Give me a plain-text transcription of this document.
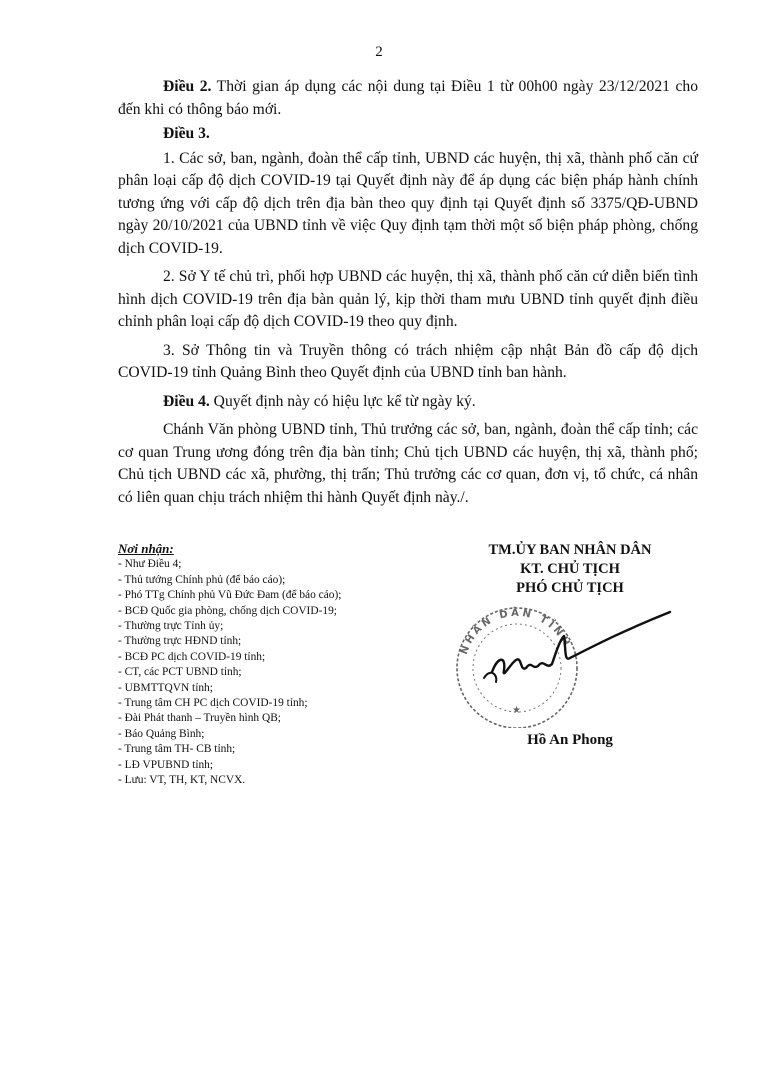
2

Điều 2. Thời gian áp dụng các nội dung tại Điều 1 từ 00h00 ngày 23/12/2021 cho đến khi có thông báo mới.

Điều 3.

1. Các sở, ban, ngành, đoàn thể cấp tỉnh, UBND các huyện, thị xã, thành phố căn cứ phân loại cấp độ dịch COVID-19 tại Quyết định này để áp dụng các biện pháp hành chính tương ứng với cấp độ dịch trên địa bàn theo quy định tại Quyết định số 3375/QĐ-UBND ngày 20/10/2021 của UBND tỉnh về việc Quy định tạm thời một số biện pháp phòng, chống dịch COVID-19.

2. Sở Y tế chủ trì, phối hợp UBND các huyện, thị xã, thành phố căn cứ diễn biến tình hình dịch COVID-19 trên địa bàn quản lý, kịp thời tham mưu UBND tỉnh quyết định điều chỉnh phân loại cấp độ dịch COVID-19 theo quy định.

3. Sở Thông tin và Truyền thông có trách nhiệm cập nhật Bản đồ cấp độ dịch COVID-19 tỉnh Quảng Bình theo Quyết định của UBND tỉnh ban hành.

Điều 4. Quyết định này có hiệu lực kể từ ngày ký.

Chánh Văn phòng UBND tỉnh, Thủ trưởng các sở, ban, ngành, đoàn thể cấp tỉnh; các cơ quan Trung ương đóng trên địa bàn tỉnh; Chủ tịch UBND các huyện, thị xã, thành phố; Chủ tịch UBND các xã, phường, thị trấn; Thủ trưởng các cơ quan, đơn vị, tổ chức, cá nhân có liên quan chịu trách nhiệm thi hành Quyết định này./.

Nơi nhận:
- Như Điều 4;
- Thủ tướng Chính phủ (để báo cáo);
- Phó TTg Chính phủ Vũ Đức Đam (để báo cáo);
- BCĐ Quốc gia phòng, chống dịch COVID-19;
- Thường trực Tỉnh ủy;
- Thường trực HĐND tỉnh;
- BCĐ PC dịch COVID-19 tỉnh;
- CT, các PCT UBND tỉnh;
- UBMTTQVN tỉnh;
- Trung tâm CH PC dịch COVID-19 tỉnh;
- Đài Phát thanh – Truyền hình QB;
- Báo Quảng Bình;
- Trung tâm TH- CB tỉnh;
- LĐ VPUBND tỉnh;
- Lưu: VT, TH, KT, NCVX.
TM.ỦY BAN NHÂN DÂN
KT. CHỦ TỊCH
PHÓ CHỦ TỊCH
NHÂN DÂN TỈNH
★
Hồ An Phong
